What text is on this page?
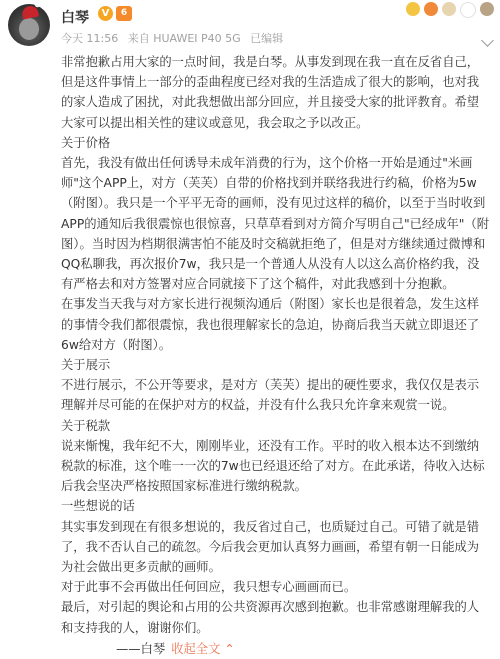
白琴	V	6
今天 11:56 来自 HUAWEI P40 5G 已编辑

非常抱歉占用大家的一点时间，我是白琴。从事发到现在我一直在反省自己，但是这件事情上一部分的歪曲程度已经对我的生活造成了很大的影响，也对我的家人造成了困扰，对此我想做出部分回应，并且接受大家的批评教育。希望大家可以提出相关性的建议或意见，我会取之予以改正。

关于价格

首先，我没有做出任何诱导未成年消费的行为，这个价格一开始是通过"米画师"这个APP上，对方（芙芙）自带的价格找到并联络我进行约稿，价格为5w（附图）。我只是一个平平无奇的画师，没有见过这样的稿价，以至于当时收到APP的通知后我很震惊也很惊喜，只草草看到对方简介写明自己"已经成年"（附图）。当时因为档期很满害怕不能及时交稿就拒绝了，但是对方继续通过微博和QQ私聊我，再次报价7w，我只是一个普通人从没有人以这么高价格约我，没有严格去和对方签署对应合同就接下了这个稿件，对此我感到十分抱歉。

在事发当天我与对方家长进行视频沟通后（附图）家长也是很着急，发生这样的事情令我们都很震惊，我也很理解家长的急迫，协商后我当天就立即退还了6w给对方（附图）。

关于展示

不进行展示，不公开等要求，是对方（芙芙）提出的硬性要求，我仅仅是表示理解并尽可能的在保护对方的权益，并没有什么我只允许拿来观赏一说。

关于税款

说来惭愧，我年纪不大，刚刚毕业，还没有工作。平时的收入根本达不到缴纳税款的标准，这个唯一一次的7w也已经退还给了对方。在此承诺，待收入达标后我会坚决严格按照国家标准进行缴纳税款。

一些想说的话

其实事发到现在有很多想说的，我反省过自己，也质疑过自己。可错了就是错了，我不否认自己的疏忽。今后我会更加认真努力画画，希望有朝一日能成为为社会做出更多贡献的画师。

对于此事不会再做出任何回应，我只想专心画画而已。

最后，对引起的舆论和占用的公共资源再次感到抱歉。也非常感谢理解我的人和支持我的人，谢谢你们。

——白琴 收起全文 ⌃
